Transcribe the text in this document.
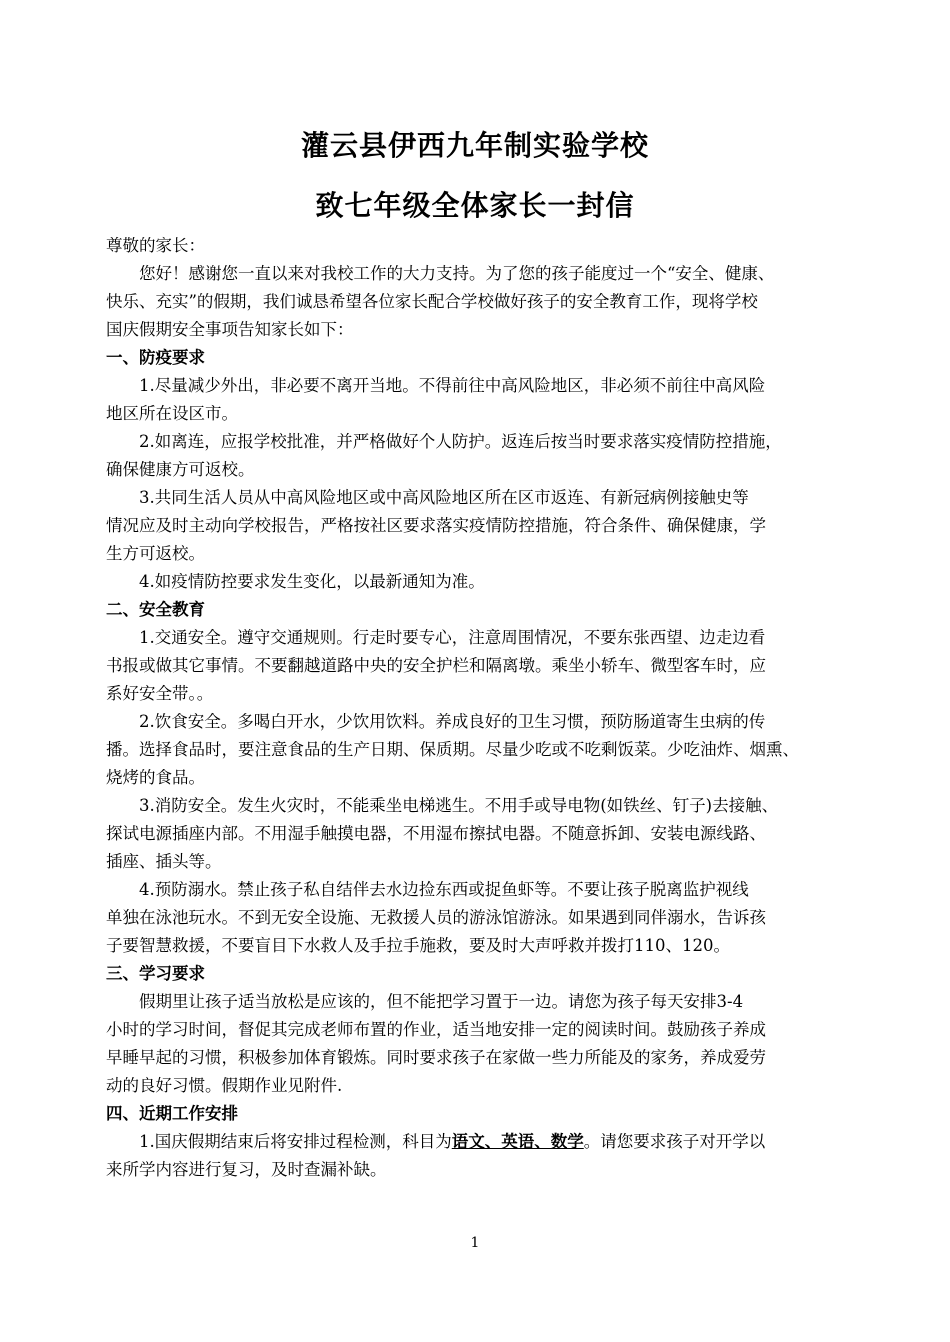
灌云县伊西九年制实验学校
致七年级全体家长一封信
尊敬的家长：
您好！感谢您一直以来对我校工作的大力支持。为了您的孩子能度过一个“安全、健康、
快乐、充实”的假期，我们诚恳希望各位家长配合学校做好孩子的安全教育工作，现将学校
国庆假期安全事项告知家长如下：
一、防疫要求
1.尽量减少外出，非必要不离开当地。不得前往中高风险地区，非必须不前往中高风险
地区所在设区市。
2.如离连，应报学校批准，并严格做好个人防护。返连后按当时要求落实疫情防控措施，
确保健康方可返校。
3.共同生活人员从中高风险地区或中高风险地区所在区市返连、有新冠病例接触史等
情况应及时主动向学校报告，严格按社区要求落实疫情防控措施，符合条件、确保健康，学
生方可返校。
4.如疫情防控要求发生变化，以最新通知为准。
二、安全教育
1.交通安全。遵守交通规则。行走时要专心，注意周围情况，不要东张西望、边走边看
书报或做其它事情。不要翻越道路中央的安全护栏和隔离墩。乘坐小轿车、微型客车时，应
系好安全带。。
2.饮食安全。多喝白开水，少饮用饮料。养成良好的卫生习惯，预防肠道寄生虫病的传
播。选择食品时，要注意食品的生产日期、保质期。尽量少吃或不吃剩饭菜。少吃油炸、烟熏、
烧烤的食品。
3.消防安全。发生火灾时，不能乘坐电梯逃生。不用手或导电物(如铁丝、钉子)去接触、
探试电源插座内部。不用湿手触摸电器，不用湿布擦拭电器。不随意拆卸、安装电源线路、
插座、插头等。
4.预防溺水。禁止孩子私自结伴去水边捡东西或捉鱼虾等。不要让孩子脱离监护视线
单独在泳池玩水。不到无安全设施、无救援人员的游泳馆游泳。如果遇到同伴溺水，告诉孩
子要智慧救援，不要盲目下水救人及手拉手施救，要及时大声呼救并拨打110、120。
三、学习要求
假期里让孩子适当放松是应该的，但不能把学习置于一边。请您为孩子每天安排3-4
小时的学习时间，督促其完成老师布置的作业，适当地安排一定的阅读时间。鼓励孩子养成
早睡早起的习惯，积极参加体育锻炼。同时要求孩子在家做一些力所能及的家务，养成爱劳
动的良好习惯。假期作业见附件.
四、近期工作安排
1.国庆假期结束后将安排过程检测，科目为语文、英语、数学。请您要求孩子对开学以
来所学内容进行复习，及时查漏补缺。
1
